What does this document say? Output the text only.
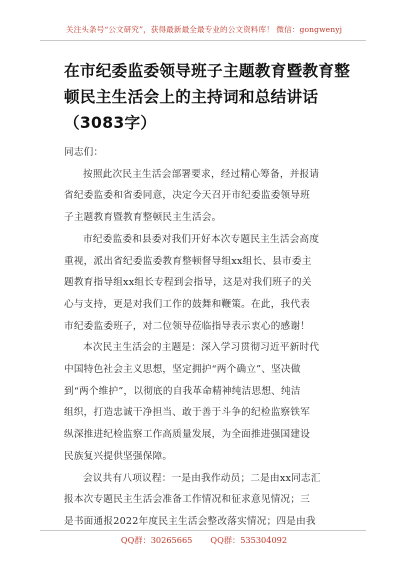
关注头条号“公文研究”，获得最新最全最专业的公文资料库！ 微信：gongwenyj
在市纪委监委领导班子主题教育暨教育整
顿民主生活会上的主持词和总结讲话
（3083字）
同志们：
按照此次民主生活会部署要求，经过精心筹备，并报请
省纪委监委和省委同意，决定今天召开市纪委监委领导班
子主题教育暨教育整顿民主生活会。
市纪委监委和县委对我们开好本次专题民主生活会高度
重视，派出省纪委监委教育整顿督导组xx组长、县市委主
题教育指导组xx组长专程到会指导，这是对我们班子的关
心与支持，更是对我们工作的鼓舞和鞭策。在此，我代表
市纪委监委班子，对二位领导莅临指导表示衷心的感谢！
本次民主生活会的主题是：深入学习贯彻习近平新时代
中国特色社会主义思想，坚定拥护“两个确立”、坚决做
到“两个维护”，以彻底的自我革命精神纯洁思想、纯洁
组织，打造忠诚干净担当、敢于善于斗争的纪检监察铁军
纵深推进纪检监察工作高质量发展，为全面推进强国建设
民族复兴提供坚强保障。
会议共有八项议程：一是由我作动员；二是由xx同志汇
报本次专题民主生活会准备工作情况和征求意见情况；三
是书面通报2022年度民主生活会整改落实情况；四是由我
QQ群：30265665 QQ群：535304092
